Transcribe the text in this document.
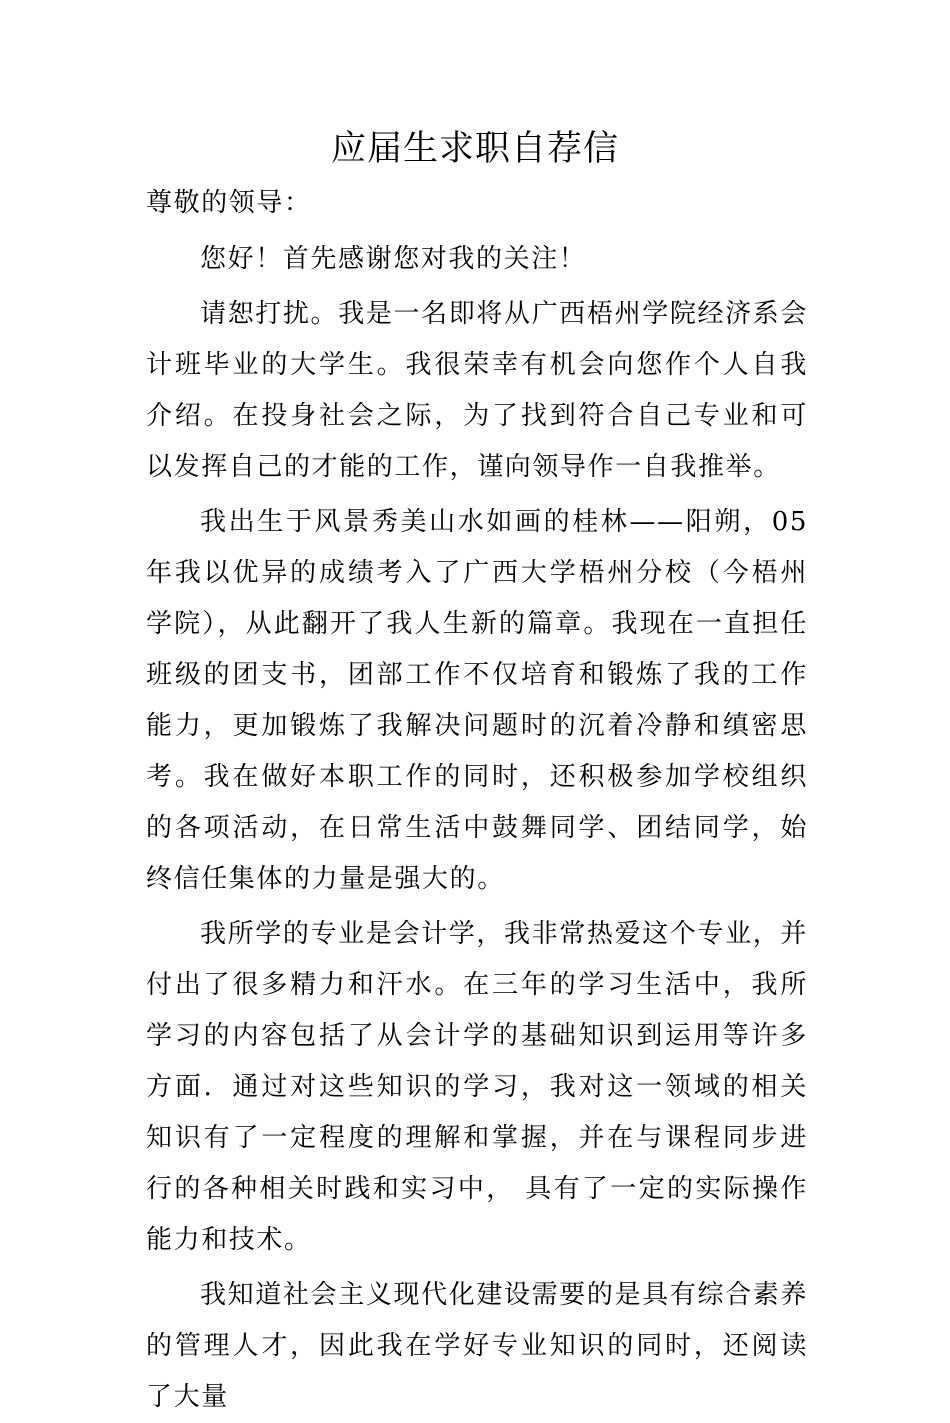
应届生求职自荐信

尊敬的领导：

您好！首先感谢您对我的关注！

请恕打扰。我是一名即将从广西梧州学院经济系会计班毕业的大学生。我很荣幸有机会向您作个人自我介绍。在投身社会之际，为了找到符合自己专业和可以发挥自己的才能的工作，谨向领导作一自我推举。

我出生于风景秀美山水如画的桂林——阳朔，05年我以优异的成绩考入了广西大学梧州分校（今梧州学院），从此翻开了我人生新的篇章。我现在一直担任班级的团支书，团部工作不仅培育和锻炼了我的工作能力，更加锻炼了我解决问题时的沉着冷静和缜密思考。我在做好本职工作的同时，还积极参加学校组织的各项活动，在日常生活中鼓舞同学、团结同学，始终信任集体的力量是强大的。

我所学的专业是会计学，我非常热爱这个专业，并付出了很多精力和汗水。在三年的学习生活中，我所学习的内容包括了从会计学的基础知识到运用等许多方面．通过对这些知识的学习，我对这一领域的相关知识有了一定程度的理解和掌握，并在与课程同步进行的各种相关时践和实习中， 具有了一定的实际操作能力和技术。

我知道社会主义现代化建设需要的是具有综合素养的管理人才，因此我在学好专业知识的同时，还阅读了大量
